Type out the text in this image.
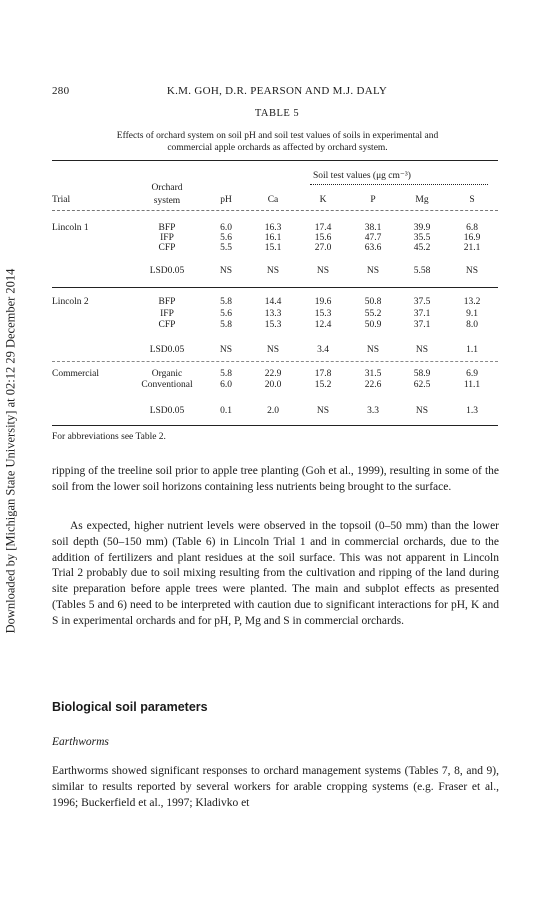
Downloaded by [Michigan State University] at 02:12 29 December 2014
280	K.M. GOH, D.R. PEARSON AND M.J. DALY
TABLE 5
Effects of orchard system on soil pH and soil test values of soils in experimental and
commercial apple orchards as affected by orchard system.
Soil test values (μg cm⁻³)
Trial
Orchard system	pH	Ca	K	P	Mg	S
Lincoln 1	BFP	6.0	16.3	17.4	38.1	39.9	6.8
IFP	5.6	16.1	15.6	47.7	35.5	16.9
CFP	5.5	15.1	27.0	63.6	45.2	21.1
LSD0.05	NS	NS	NS	NS	5.58	NS
Lincoln 2	BFP	5.8	14.4	19.6	50.8	37.5	13.2
IFP	5.6	13.3	15.3	55.2	37.1	9.1
CFP	5.8	15.3	12.4	50.9	37.1	8.0
LSD0.05	NS	NS	3.4	NS	NS	1.1
Commercial	Organic	5.8	22.9	17.8	31.5	58.9	6.9
Conventional	6.0	20.0	15.2	22.6	62.5	11.1
LSD0.05	0.1	2.0	NS	3.3	NS	1.3
For abbreviations see Table 2.

ripping of the treeline soil prior to apple tree planting (Goh et al., 1999), resulting in some of the soil from the lower soil horizons containing less nutrients being brought to the surface.

As expected, higher nutrient levels were observed in the topsoil (0–50 mm) than the lower soil depth (50–150 mm) (Table 6) in Lincoln Trial 1 and in commercial orchards, due to the addition of fertilizers and plant residues at the soil surface. This was not apparent in Lincoln Trial 2 probably due to soil mixing resulting from the cultivation and ripping of the land during site preparation before apple trees were planted. The main and subplot effects as presented (Tables 5 and 6) need to be interpreted with caution due to significant interactions for pH, K and S in experimental orchards and for pH, P, Mg and S in commercial orchards.

Biological soil parameters
Earthworms

Earthworms showed significant responses to orchard management systems (Tables 7, 8, and 9), similar to results reported by several workers for arable cropping systems (e.g. Fraser et al., 1996; Buckerfield et al., 1997; Kladivko et
